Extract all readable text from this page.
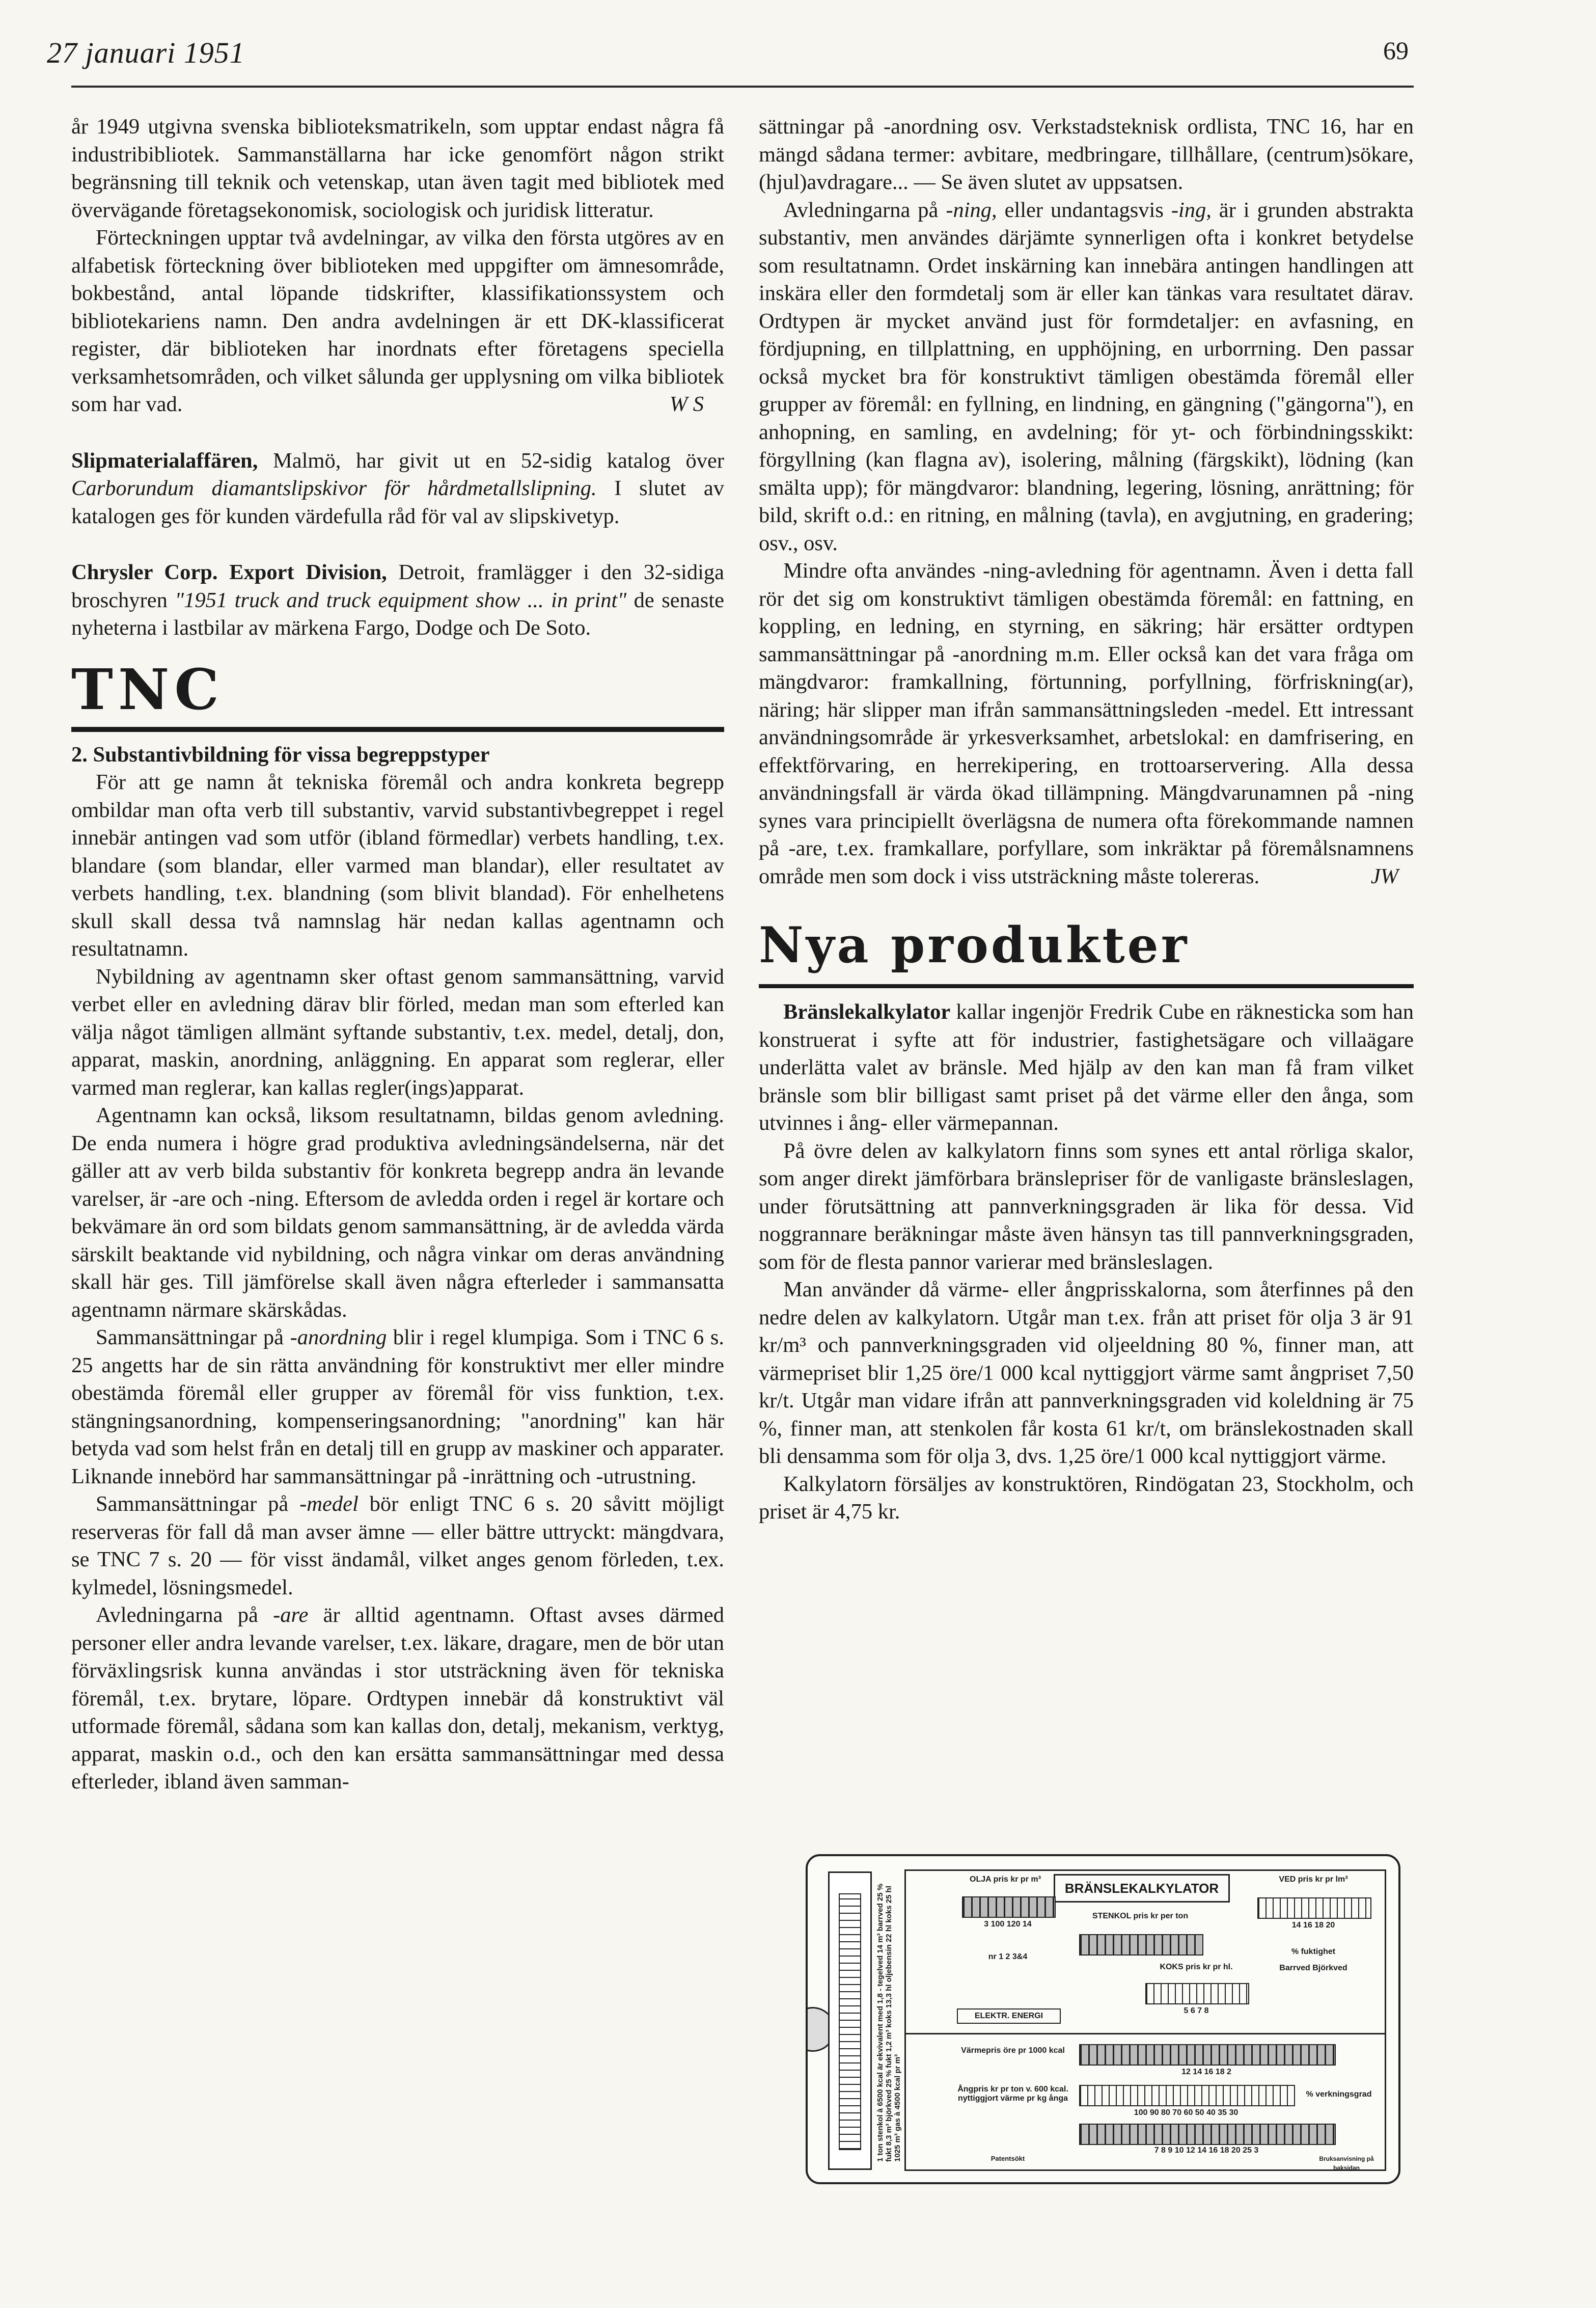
27 januari 1951	69

år 1949 utgivna svenska biblioteksmatrikeln, som upptar endast några få industribibliotek. Sammanställarna har icke genomfört någon strikt begränsning till teknik och vetenskap, utan även tagit med bibliotek med övervägande företagsekonomisk, sociologisk och juridisk litteratur.

Förteckningen upptar två avdelningar, av vilka den första utgöres av en alfabetisk förteckning över biblioteken med uppgifter om ämnesområde, bokbestånd, antal löpande tidskrifter, klassifikationssystem och bibliotekariens namn. Den andra avdelningen är ett DK-klassificerat register, där biblioteken har inordnats efter företagens speciella verksamhetsområden, och vilket sålunda ger upplysning om vilka bibliotek som har vad.	W S

Slipmaterialaffären, Malmö, har givit ut en 52-sidig katalog över Carborundum diamantslipskivor för hårdmetallslipning. I slutet av katalogen ges för kunden värdefulla råd för val av slipskivetyp.

Chrysler Corp. Export Division, Detroit, framlägger i den 32-sidiga broschyren "1951 truck and truck equipment show ... in print" de senaste nyheterna i lastbilar av märkena Fargo, Dodge och De Soto.

TNC

2. Substantivbildning för vissa begreppstyper

För att ge namn åt tekniska föremål och andra konkreta begrepp ombildar man ofta verb till substantiv, varvid substantivbegreppet i regel innebär antingen vad som utför (ibland förmedlar) verbets handling, t.ex. blandare (som blandar, eller varmed man blandar), eller resultatet av verbets handling, t.ex. blandning (som blivit blandad). För enhelhetens skull skall dessa två namnslag här nedan kallas agentnamn och resultatnamn.

Nybildning av agentnamn sker oftast genom sammansättning, varvid verbet eller en avledning därav blir förled, medan man som efterled kan välja något tämligen allmänt syftande substantiv, t.ex. medel, detalj, don, apparat, maskin, anordning, anläggning. En apparat som reglerar, eller varmed man reglerar, kan kallas regler(ings)apparat.

Agentnamn kan också, liksom resultatnamn, bildas genom avledning. De enda numera i högre grad produktiva avledningsändelserna, när det gäller att av verb bilda substantiv för konkreta begrepp andra än levande varelser, är -are och -ning. Eftersom de avledda orden i regel är kortare och bekvämare än ord som bildats genom sammansättning, är de avledda värda särskilt beaktande vid nybildning, och några vinkar om deras användning skall här ges. Till jämförelse skall även några efterleder i sammansatta agentnamn närmare skärskådas.

Sammansättningar på -anordning blir i regel klumpiga. Som i TNC 6 s. 25 angetts har de sin rätta användning för konstruktivt mer eller mindre obestämda föremål eller grupper av föremål för viss funktion, t.ex. stängningsanordning, kompenseringsanordning; "anordning" kan här betyda vad som helst från en detalj till en grupp av maskiner och apparater. Liknande innebörd har sammansättningar på -inrättning och -utrustning.

Sammansättningar på -medel bör enligt TNC 6 s. 20 såvitt möjligt reserveras för fall då man avser ämne — eller bättre uttryckt: mängdvara, se TNC 7 s. 20 — för visst ändamål, vilket anges genom förleden, t.ex. kylmedel, lösningsmedel.

Avledningarna på -are är alltid agentnamn. Oftast avses därmed personer eller andra levande varelser, t.ex. läkare, dragare, men de bör utan förväxlingsrisk kunna användas i stor utsträckning även för tekniska föremål, t.ex. brytare, löpare. Ordtypen innebär då konstruktivt väl utformade föremål, sådana som kan kallas don, detalj, mekanism, verktyg, apparat, maskin o.d., och den kan ersätta sammansättningar med dessa efterleder, ibland även samman-

sättningar på -anordning osv. Verkstadsteknisk ordlista, TNC 16, har en mängd sådana termer: avbitare, medbringare, tillhållare, (centrum)sökare, (hjul)avdragare... — Se även slutet av uppsatsen.

Avledningarna på -ning, eller undantagsvis -ing, är i grunden abstrakta substantiv, men användes därjämte synnerligen ofta i konkret betydelse som resultatnamn. Ordet inskärning kan innebära antingen handlingen att inskära eller den formdetalj som är eller kan tänkas vara resultatet därav. Ordtypen är mycket använd just för formdetaljer: en avfasning, en fördjupning, en tillplattning, en upphöjning, en urborrning. Den passar också mycket bra för konstruktivt tämligen obestämda föremål eller grupper av föremål: en fyllning, en lindning, en gängning ("gängorna"), en anhopning, en samling, en avdelning; för yt- och förbindningsskikt: förgyllning (kan flagna av), isolering, målning (färgskikt), lödning (kan smälta upp); för mängdvaror: blandning, legering, lösning, anrättning; för bild, skrift o.d.: en ritning, en målning (tavla), en avgjutning, en gradering; osv., osv.

Mindre ofta användes -ning-avledning för agentnamn. Även i detta fall rör det sig om konstruktivt tämligen obestämda föremål: en fattning, en koppling, en ledning, en styrning, en säkring; här ersätter ordtypen sammansättningar på -anordning m.m. Eller också kan det vara fråga om mängdvaror: framkallning, förtunning, porfyllning, förfriskning(ar), näring; här slipper man ifrån sammansättningsleden -medel. Ett intressant användningsområde är yrkesverksamhet, arbetslokal: en damfrisering, en effektförvaring, en herrekipering, en trottoarservering. Alla dessa användningsfall är värda ökad tillämpning. Mängdvarunamnen på -ning synes vara principiellt överlägsna de numera ofta förekommande namnen på -are, t.ex. framkallare, porfyllare, som inkräktar på föremålsnamnens område men som dock i viss utsträckning måste tolereras.	JW

Nya produkter

Bränslekalkylator kallar ingenjör Fredrik Cube en räknesticka som han konstruerat i syfte att för industrier, fastighetsägare och villaägare underlätta valet av bränsle. Med hjälp av den kan man få fram vilket bränsle som blir billigast samt priset på det värme eller den ånga, som utvinnes i ång- eller värmepannan.

På övre delen av kalkylatorn finns som synes ett antal rörliga skalor, som anger direkt jämförbara bränslepriser för de vanligaste bränsleslagen, under förutsättning att pannverkningsgraden är lika för dessa. Vid noggrannare beräkningar måste även hänsyn tas till pannverkningsgraden, som för de flesta pannor varierar med bränsleslagen.

Man använder då värme- eller ångprisskalorna, som återfinnes på den nedre delen av kalkylatorn. Utgår man t.ex. från att priset för olja 3 är 91 kr/m³ och pannverkningsgraden vid oljeeldning 80 %, finner man, att värmepriset blir 1,25 öre/1 000 kcal nyttiggjort värme samt ångpriset 7,50 kr/t. Utgår man vidare ifrån att pannverkningsgraden vid koleldning är 75 %, finner man, att stenkolen får kosta 61 kr/t, om bränslekostnaden skall bli densamma som för olja 3, dvs. 1,25 öre/1 000 kcal nyttiggjort värme.

Kalkylatorn försäljes av konstruktören, Rindögatan 23, Stockholm, och priset är 4,75 kr.

1 ton stenkol à 6500 kcal är ekvivalent med 1,8 - tegelved 14 m³ barrved 25 % fukt 8,3 m³ björkved 25 % fukt 1,2 m³ koks 13,3 hl oljebensin 22 hl koks 25 hl 1025 m³ gas à 4500 kcal pr m³
BRÄNSLEKALKYLATOR
OLJA pris kr pr m³
3 100 120 14
nr 1 2 3&4
VED pris kr pr lm³
14 16 18 20
% fuktighet
Barrved Björkved
STENKOL pris kr per ton
KOKS pris kr pr hl.
5 6 7 8
ELEKTR. ENERGI
12 14 16 18 2
Värmepris öre pr 1000 kcal
100 90 80 70 60 50 40 35 30
% verkningsgrad
Ångpris kr pr ton v. 600 kcal. nyttiggjort värme pr kg ånga
7 8 9 10 12 14 16 18 20 25 3
Patentsökt	Bruksanvisning på baksidan
